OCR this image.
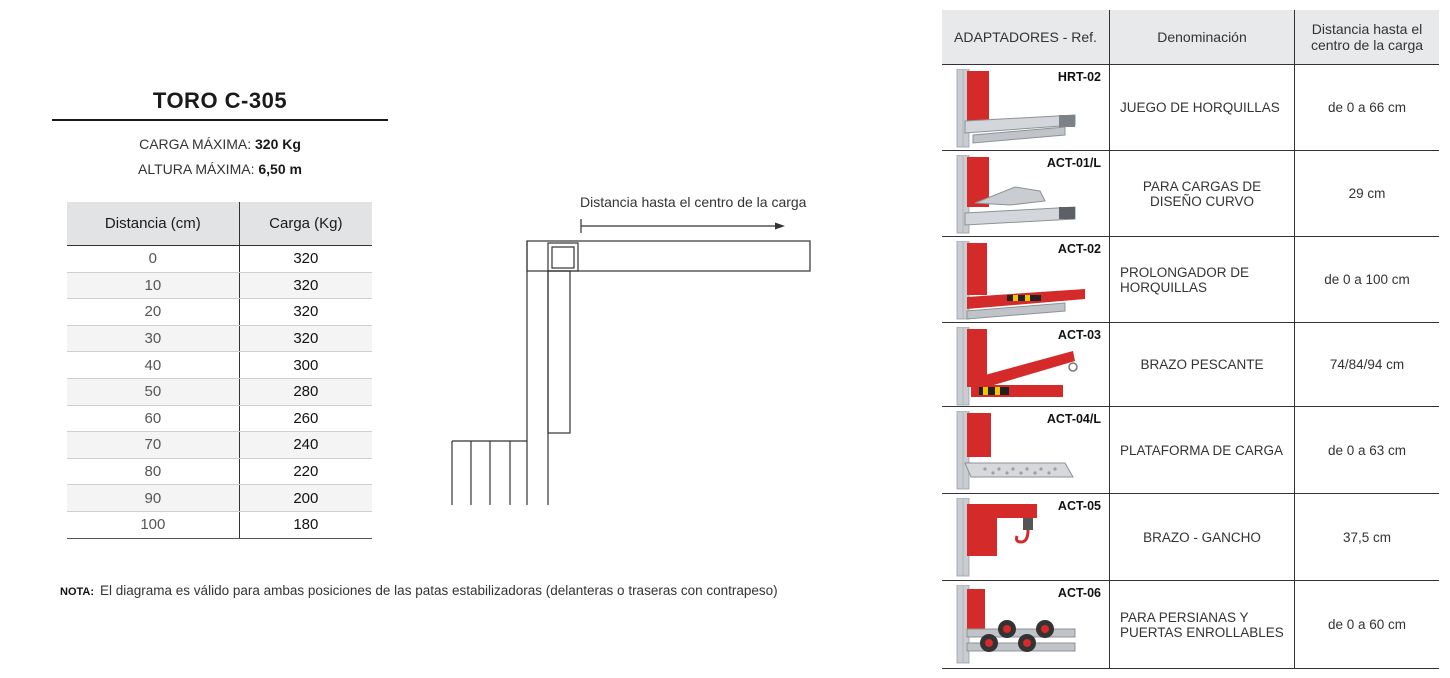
TORO C-305
CARGA MÁXIMA: 320 Kg
ALTURA MÁXIMA: 6,50 m
Distancia (cm)	Carga (Kg)
0	320
10	320
20	320
30	320
40	300
50	280
60	260
70	240
80	220
90	200
100	180
Distancia hasta el centro de la carga
NOTA: El diagrama es válido para ambas posiciones de las patas estabilizadoras (delanteras o traseras con contrapeso)
ADAPTADORES - Ref.	Denominación	Distancia hasta el centro de la carga

HRT-02	JUEGO DE HORQUILLAS	de 0 a 66 cm

ACT-01/L	PARA CARGAS DE DISEÑO CURVO	29 cm

ACT-02	PROLONGADOR DE HORQUILLAS	de 0 a 100 cm

ACT-03	BRAZO PESCANTE	74/84/94 cm

ACT-04/L	PLATAFORMA DE CARGA	de 0 a 63 cm

ACT-05	BRAZO - GANCHO	37,5 cm

ACT-06	PARA PERSIANAS Y PUERTAS ENROLLABLES	de 0 a 60 cm
